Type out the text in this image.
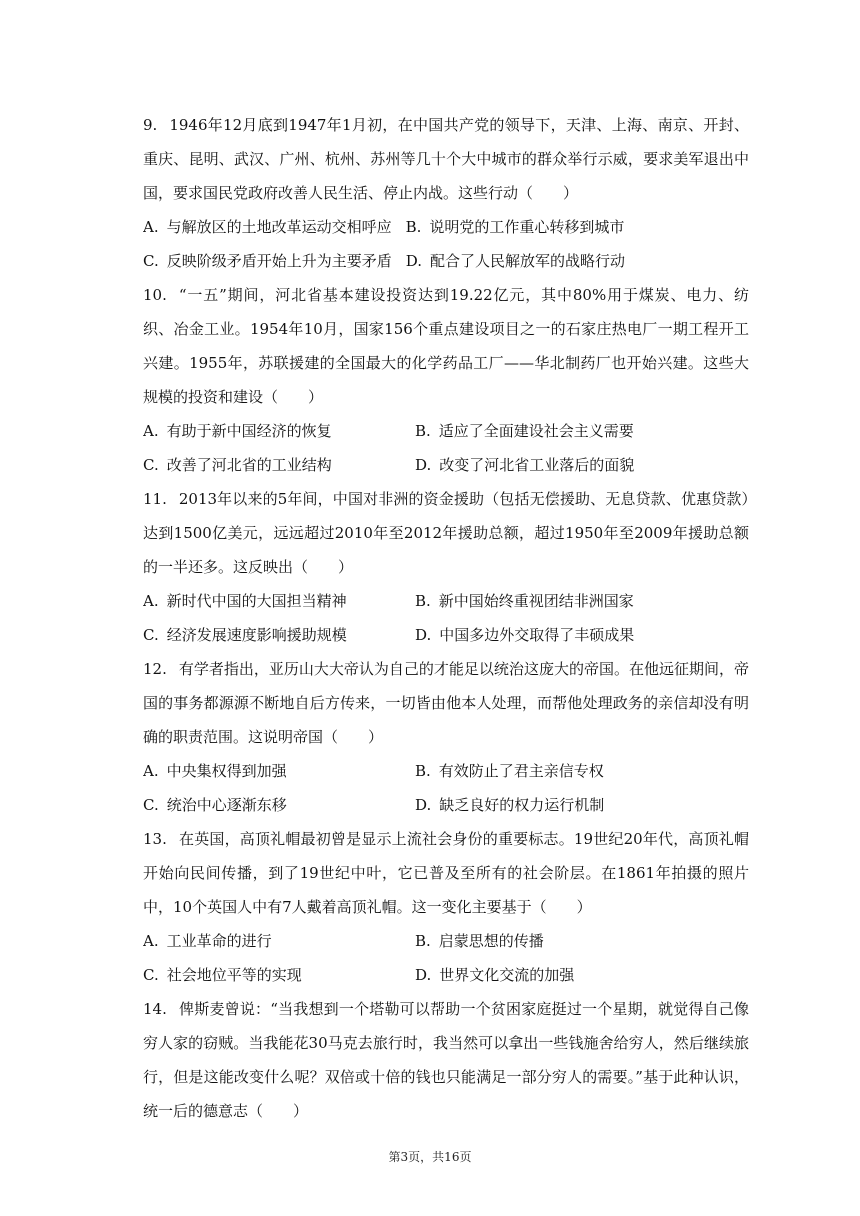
9. 1946年12月底到1947年1月初，在中国共产党的领导下，天津、上海、南京、开封、重庆、昆明、武汉、广州、杭州、苏州等几十个大中城市的群众举行示威，要求美军退出中国，要求国民党政府改善人民生活、停止内战。这些行动（　　）

A. 与解放区的土地改革运动交相呼应 B. 说明党的工作重心转移到城市
C. 反映阶级矛盾开始上升为主要矛盾 D. 配合了人民解放军的战略行动

10. “一五”期间，河北省基本建设投资达到19.22亿元，其中80%用于煤炭、电力、纺织、冶金工业。1954年10月，国家156个重点建设项目之一的石家庄热电厂一期工程开工兴建。1955年，苏联援建的全国最大的化学药品工厂——华北制药厂也开始兴建。这些大规模的投资和建设（　　）

A. 有助于新中国经济的恢复	B. 适应了全面建设社会主义需要
C. 改善了河北省的工业结构	D. 改变了河北省工业落后的面貌

11. 2013年以来的5年间，中国对非洲的资金援助（包括无偿援助、无息贷款、优惠贷款）达到1500亿美元，远远超过2010年至2012年援助总额，超过1950年至2009年援助总额的一半还多。这反映出（　　）

A. 新时代中国的大国担当精神	B. 新中国始终重视团结非洲国家
C. 经济发展速度影响援助规模	D. 中国多边外交取得了丰硕成果

12. 有学者指出，亚历山大大帝认为自己的才能足以统治这庞大的帝国。在他远征期间，帝国的事务都源源不断地自后方传来，一切皆由他本人处理，而帮他处理政务的亲信却没有明确的职责范围。这说明帝国（　　）

A. 中央集权得到加强	B. 有效防止了君主亲信专权
C. 统治中心逐渐东移	D. 缺乏良好的权力运行机制

13. 在英国，高顶礼帽最初曾是显示上流社会身份的重要标志。19世纪20年代，高顶礼帽开始向民间传播，到了19世纪中叶，它已普及至所有的社会阶层。在1861年拍摄的照片中，10个英国人中有7人戴着高顶礼帽。这一变化主要基于（　　）

A. 工业革命的进行	B. 启蒙思想的传播
C. 社会地位平等的实现	D. 世界文化交流的加强

14. 俾斯麦曾说：“当我想到一个塔勒可以帮助一个贫困家庭挺过一个星期，就觉得自己像穷人家的窃贼。当我能花30马克去旅行时，我当然可以拿出一些钱施舍给穷人，然后继续旅行，但是这能改变什么呢？双倍或十倍的钱也只能满足一部分穷人的需要。”基于此种认识，统一后的德意志（　　）

第3页，共16页
